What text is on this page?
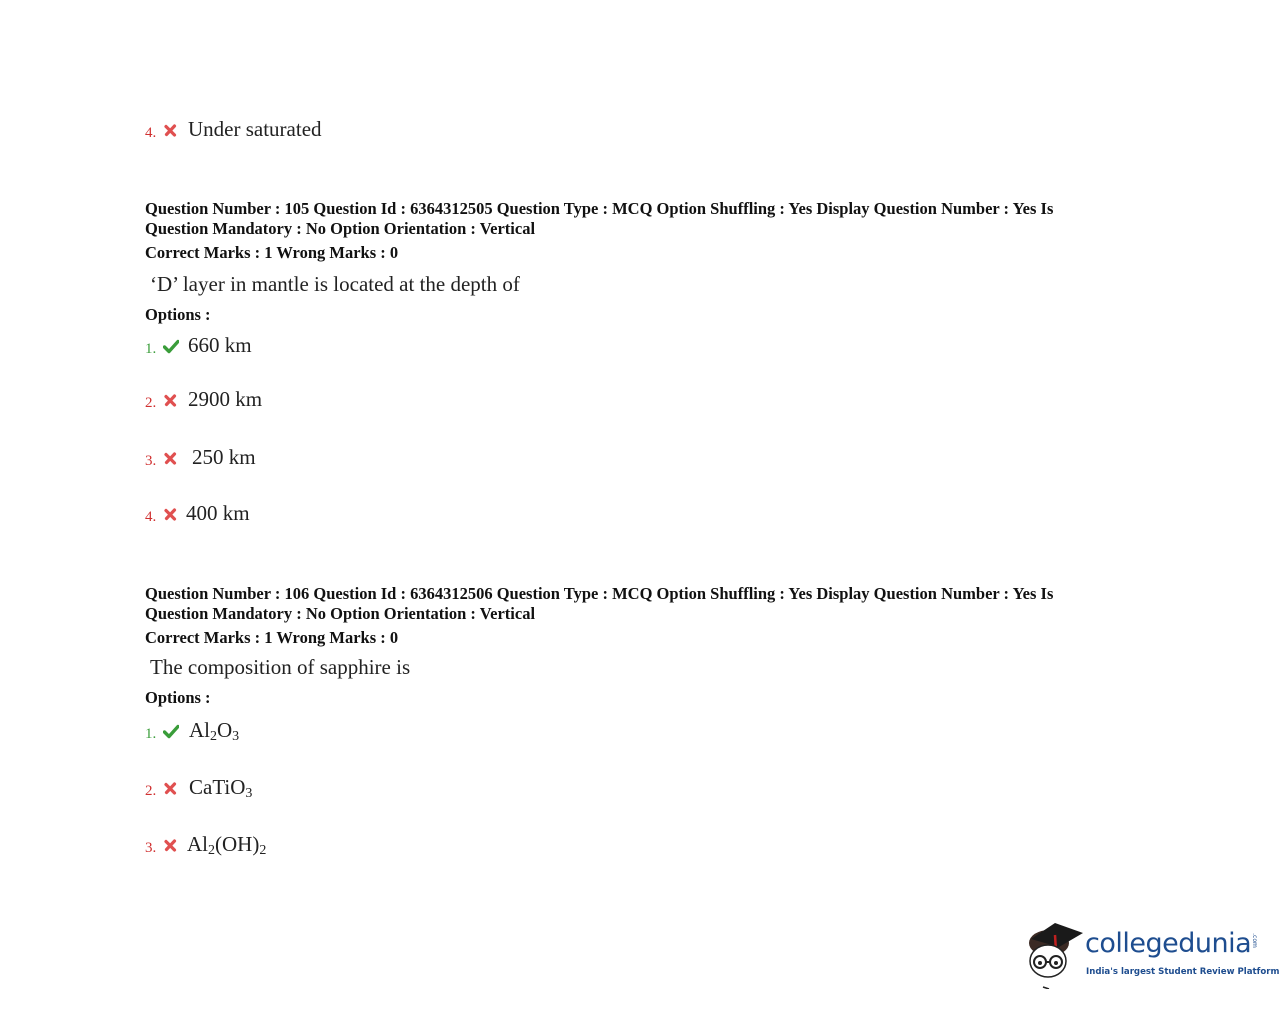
4. Under saturated
Question Number : 105 Question Id : 6364312505 Question Type : MCQ Option Shuffling : Yes Display Question Number : Yes Is
Question Mandatory : No Option Orientation : Vertical
Correct Marks : 1 Wrong Marks : 0
‘D’ layer in mantle is located at the depth of
Options :
1. 660 km
2. 2900 km
3. 250 km
4. 400 km
Question Number : 106 Question Id : 6364312506 Question Type : MCQ Option Shuffling : Yes Display Question Number : Yes Is
Question Mandatory : No Option Orientation : Vertical
Correct Marks : 1 Wrong Marks : 0
The composition of sapphire is
Options :
1. $Al_2O_3$
2. CaTiO$_3$
3. $Al_2(OH)_2$
collegedunia .com
India's largest Student Review Platform
